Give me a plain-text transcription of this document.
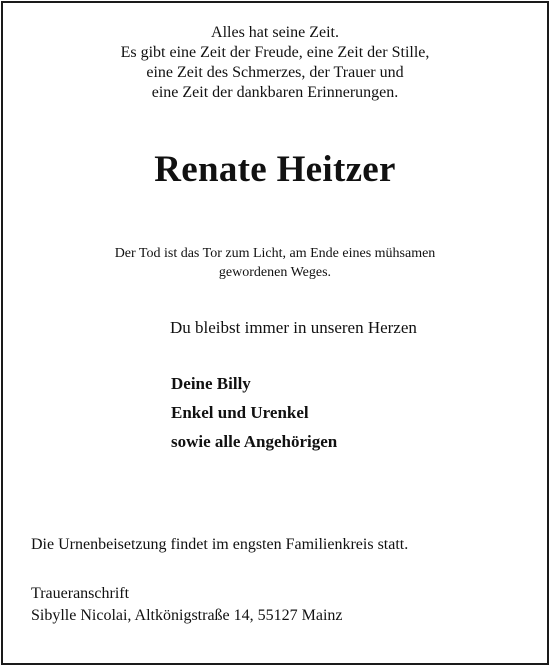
Alles hat seine Zeit.
Es gibt eine Zeit der Freude, eine Zeit der Stille,
eine Zeit des Schmerzes, der Trauer und
eine Zeit der dankbaren Erinnerungen.
Renate Heitzer
Der Tod ist das Tor zum Licht, am Ende eines mühsamen
gewordenen Weges.
Du bleibst immer in unseren Herzen
Deine Billy
Enkel und Urenkel
sowie alle Angehörigen
Die Urnenbeisetzung findet im engsten Familienkreis statt.
Traueranschrift
Sibylle Nicolai, Altkönigstraße 14, 55127 Mainz
